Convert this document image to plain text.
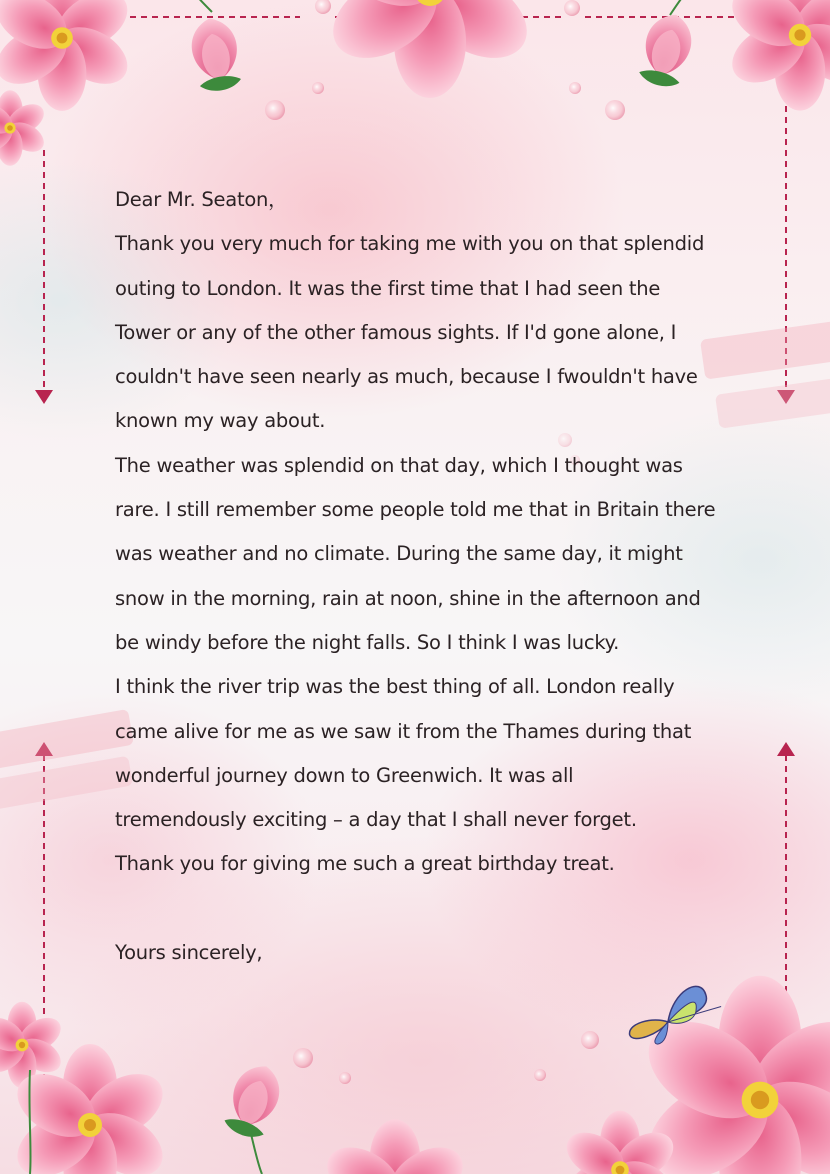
Dear Mr. Seaton，

Thank you very much for taking me with you on that splendid

outing to London. It was the first time that I had seen the

Tower or any of the other famous sights. If I'd gone alone, I

couldn't have seen nearly as much, because I fwouldn't have

known my way about.

The weather was splendid on that day, which I thought was

rare. I still remember some people told me that in Britain there

was weather and no climate. During the same day, it might

snow in the morning, rain at noon, shine in the afternoon and

be windy before the night falls. So I think I was lucky.

I think the river trip was the best thing of all. London really

came alive for me as we saw it from the Thames during that

wonderful journey down to Greenwich. It was all

tremendously exciting – a day that I shall never forget.

Thank you for giving me such a great birthday treat.

Yours sincerely,
